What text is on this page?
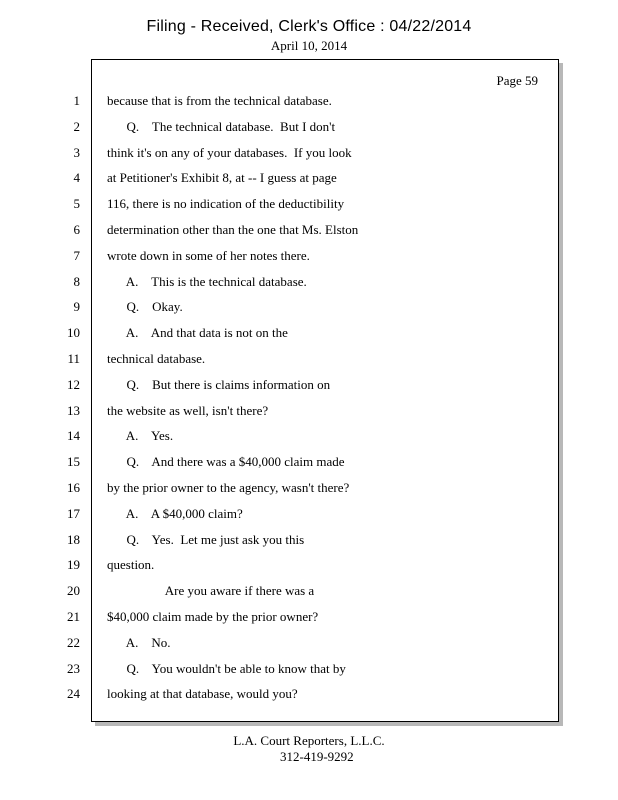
Filing - Received, Clerk's Office : 04/22/2014
April 10, 2014
Page 59
1 because that is from the technical database.
2 Q.    The technical database.  But I don't
3 think it's on any of your databases.  If you look
4 at Petitioner's Exhibit 8, at -- I guess at page
5 116, there is no indication of the deductibility
6 determination other than the one that Ms. Elston
7 wrote down in some of her notes there.
8 A.    This is the technical database.
9 Q.    Okay.
10 A.    And that data is not on the
11 technical database.
12 Q.    But there is claims information on
13 the website as well, isn't there?
14 A.    Yes.
15 Q.    And there was a $40,000 claim made
16 by the prior owner to the agency, wasn't there?
17 A.    A $40,000 claim?
18 Q.    Yes.  Let me just ask you this
19 question.
20 Are you aware if there was a
21 $40,000 claim made by the prior owner?
22 A.    No.
23 Q.    You wouldn't be able to know that by
24 looking at that database, would you?
L.A. Court Reporters, L.L.C.
312-419-9292
